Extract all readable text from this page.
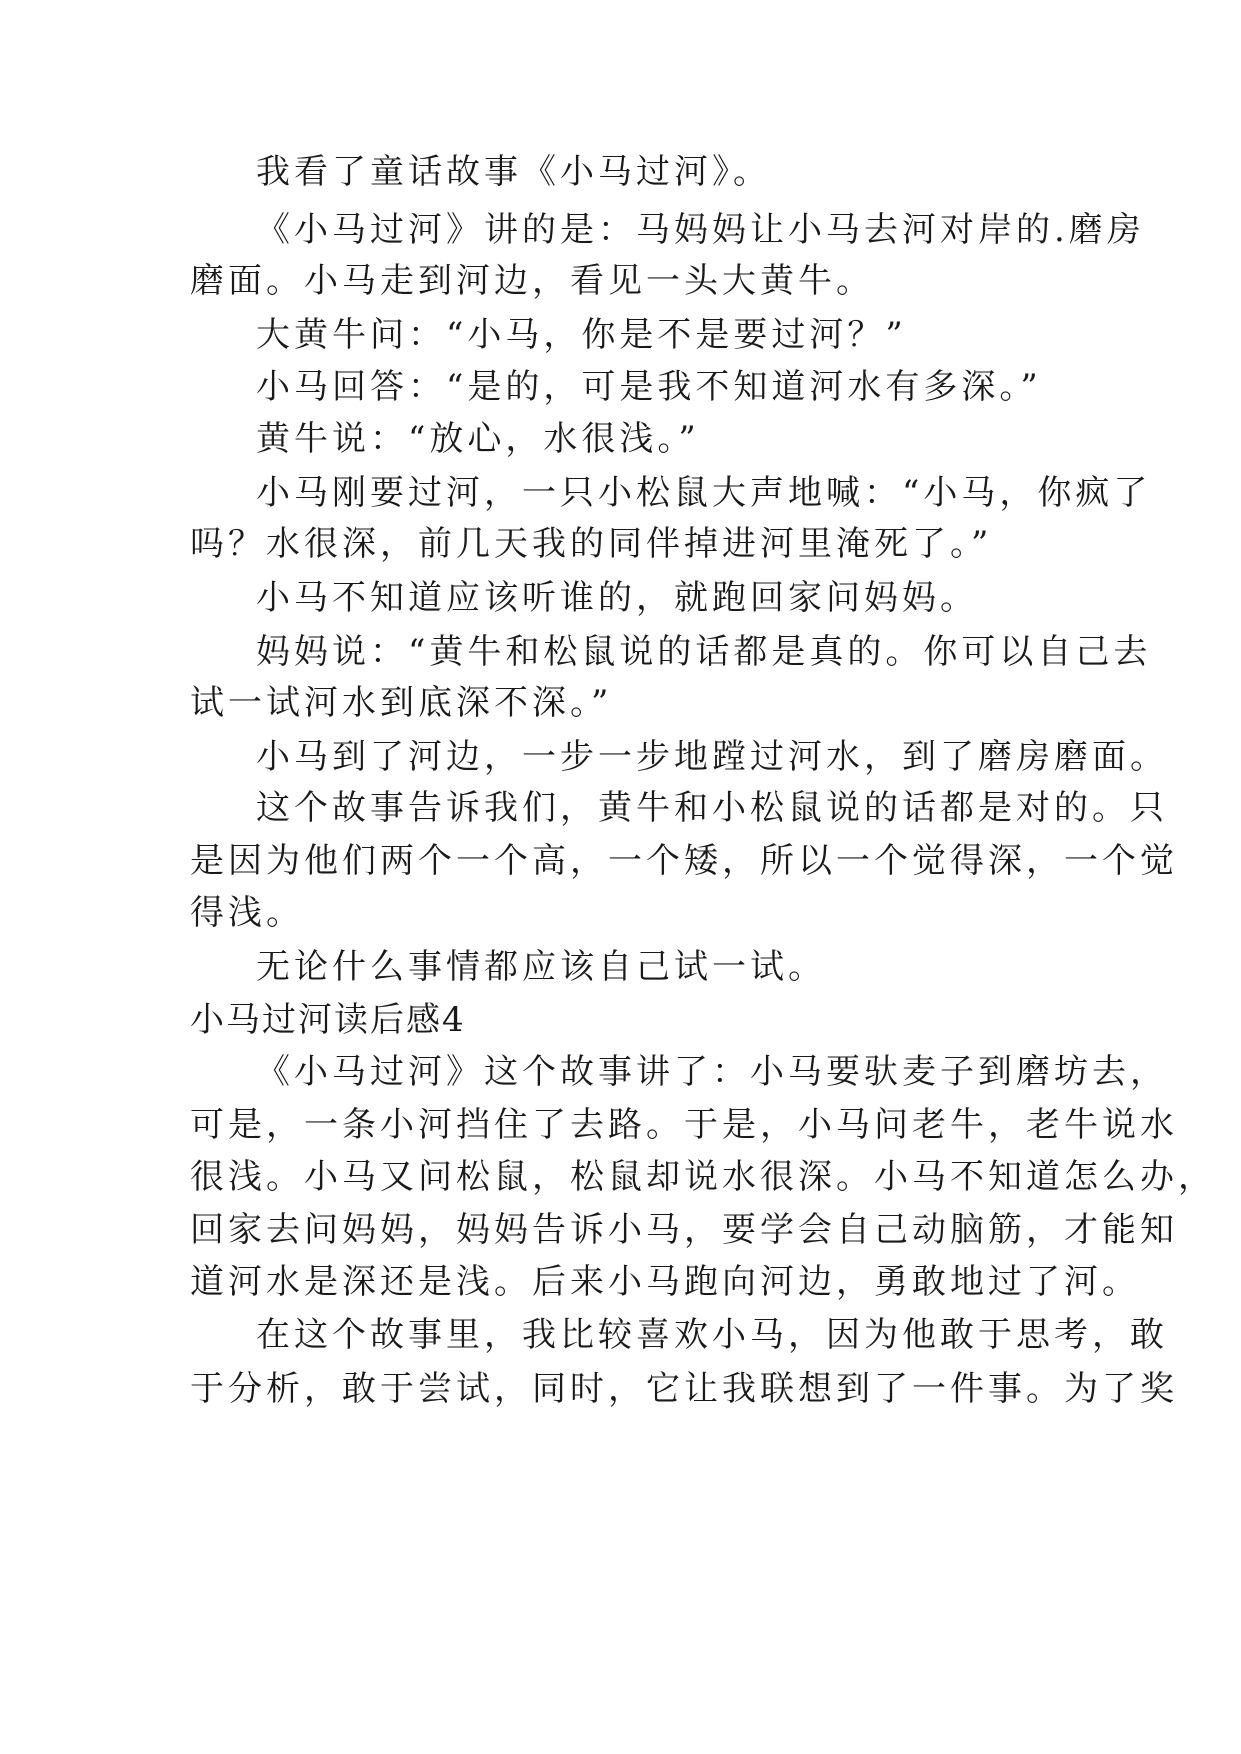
我看了童话故事《小马过河》。
《小马过河》讲的是：马妈妈让小马去河对岸的.磨房
磨面。小马走到河边，看见一头大黄牛。
大黄牛问：“小马，你是不是要过河？”
小马回答：“是的，可是我不知道河水有多深。”
黄牛说：“放心，水很浅。”
小马刚要过河，一只小松鼠大声地喊：“小马，你疯了
吗？水很深，前几天我的同伴掉进河里淹死了。”
小马不知道应该听谁的，就跑回家问妈妈。
妈妈说：“黄牛和松鼠说的话都是真的。你可以自己去
试一试河水到底深不深。”
小马到了河边，一步一步地蹚过河水，到了磨房磨面。
这个故事告诉我们，黄牛和小松鼠说的话都是对的。只
是因为他们两个一个高，一个矮，所以一个觉得深，一个觉
得浅。
无论什么事情都应该自己试一试。
小马过河读后感4
《小马过河》这个故事讲了：小马要驮麦子到磨坊去，
可是，一条小河挡住了去路。于是，小马问老牛，老牛说水
很浅。小马又问松鼠，松鼠却说水很深。小马不知道怎么办，
回家去问妈妈，妈妈告诉小马，要学会自己动脑筋，才能知
道河水是深还是浅。后来小马跑向河边，勇敢地过了河。
在这个故事里，我比较喜欢小马，因为他敢于思考，敢
于分析，敢于尝试，同时，它让我联想到了一件事。为了奖
